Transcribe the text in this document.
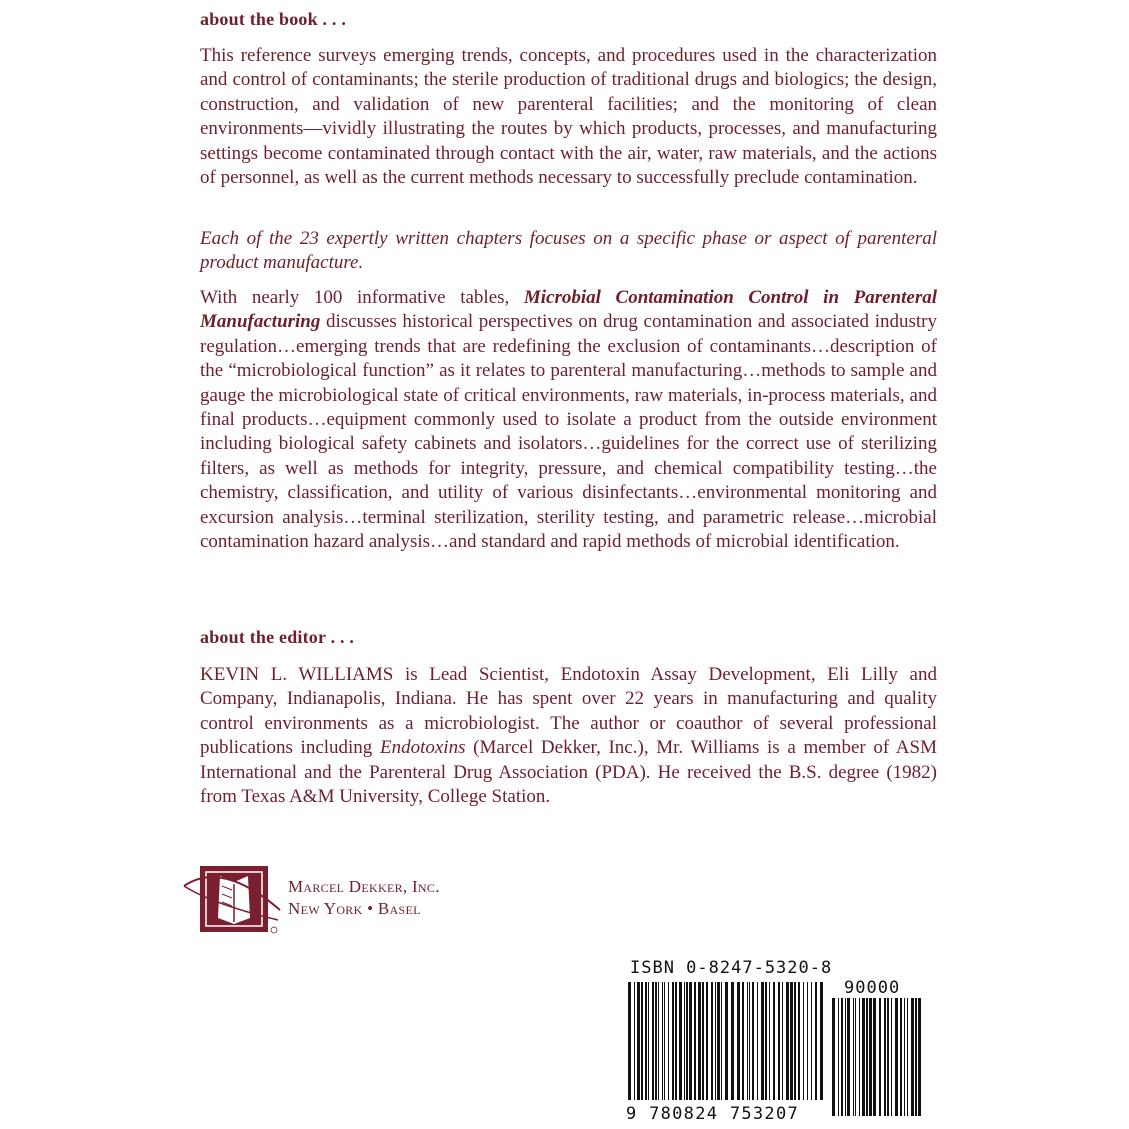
about the book . . .
This reference surveys emerging trends, concepts, and procedures used in the characterization and control of contaminants; the sterile production of traditional drugs and biologics; the design, construction, and validation of new parenteral facilities; and the monitoring of clean environments—vividly illustrating the routes by which products, processes, and manufacturing settings become contaminated through contact with the air, water, raw materials, and the actions of personnel, as well as the current methods necessary to successfully preclude contamination.
Each of the 23 expertly written chapters focuses on a specific phase or aspect of parenteral product manufacture.
With nearly 100 informative tables, Microbial Contamination Control in Parenteral Manufacturing discusses historical perspectives on drug contamination and associated industry regulation…emerging trends that are redefining the exclusion of contaminants…description of the “microbiological function” as it relates to parenteral manufacturing…methods to sample and gauge the microbiological state of critical environments, raw materials, in-process materials, and final products…equipment commonly used to isolate a product from the outside environment including biological safety cabinets and isolators…guidelines for the correct use of sterilizing filters, as well as methods for integrity, pressure, and chemical compatibility testing…the chemistry, classification, and utility of various disinfectants…environmental monitoring and excursion analysis…terminal sterilization, sterility testing, and parametric release…microbial contamination hazard analysis…and standard and rapid methods of microbial identification.
about the editor . . .
KEVIN L. WILLIAMS is Lead Scientist, Endotoxin Assay Development, Eli Lilly and Company, Indianapolis, Indiana. He has spent over 22 years in manufacturing and quality control environments as a microbiologist. The author or coauthor of several professional publications including Endotoxins (Marcel Dekker, Inc.), Mr. Williams is a member of ASM International and the Parenteral Drug Association (PDA). He received the B.S. degree (1982) from Texas A&M University, College Station.
Marcel Dekker, Inc.
New York • Basel
ISBN 0-8247-5320-8
90000
9 780824 753207
